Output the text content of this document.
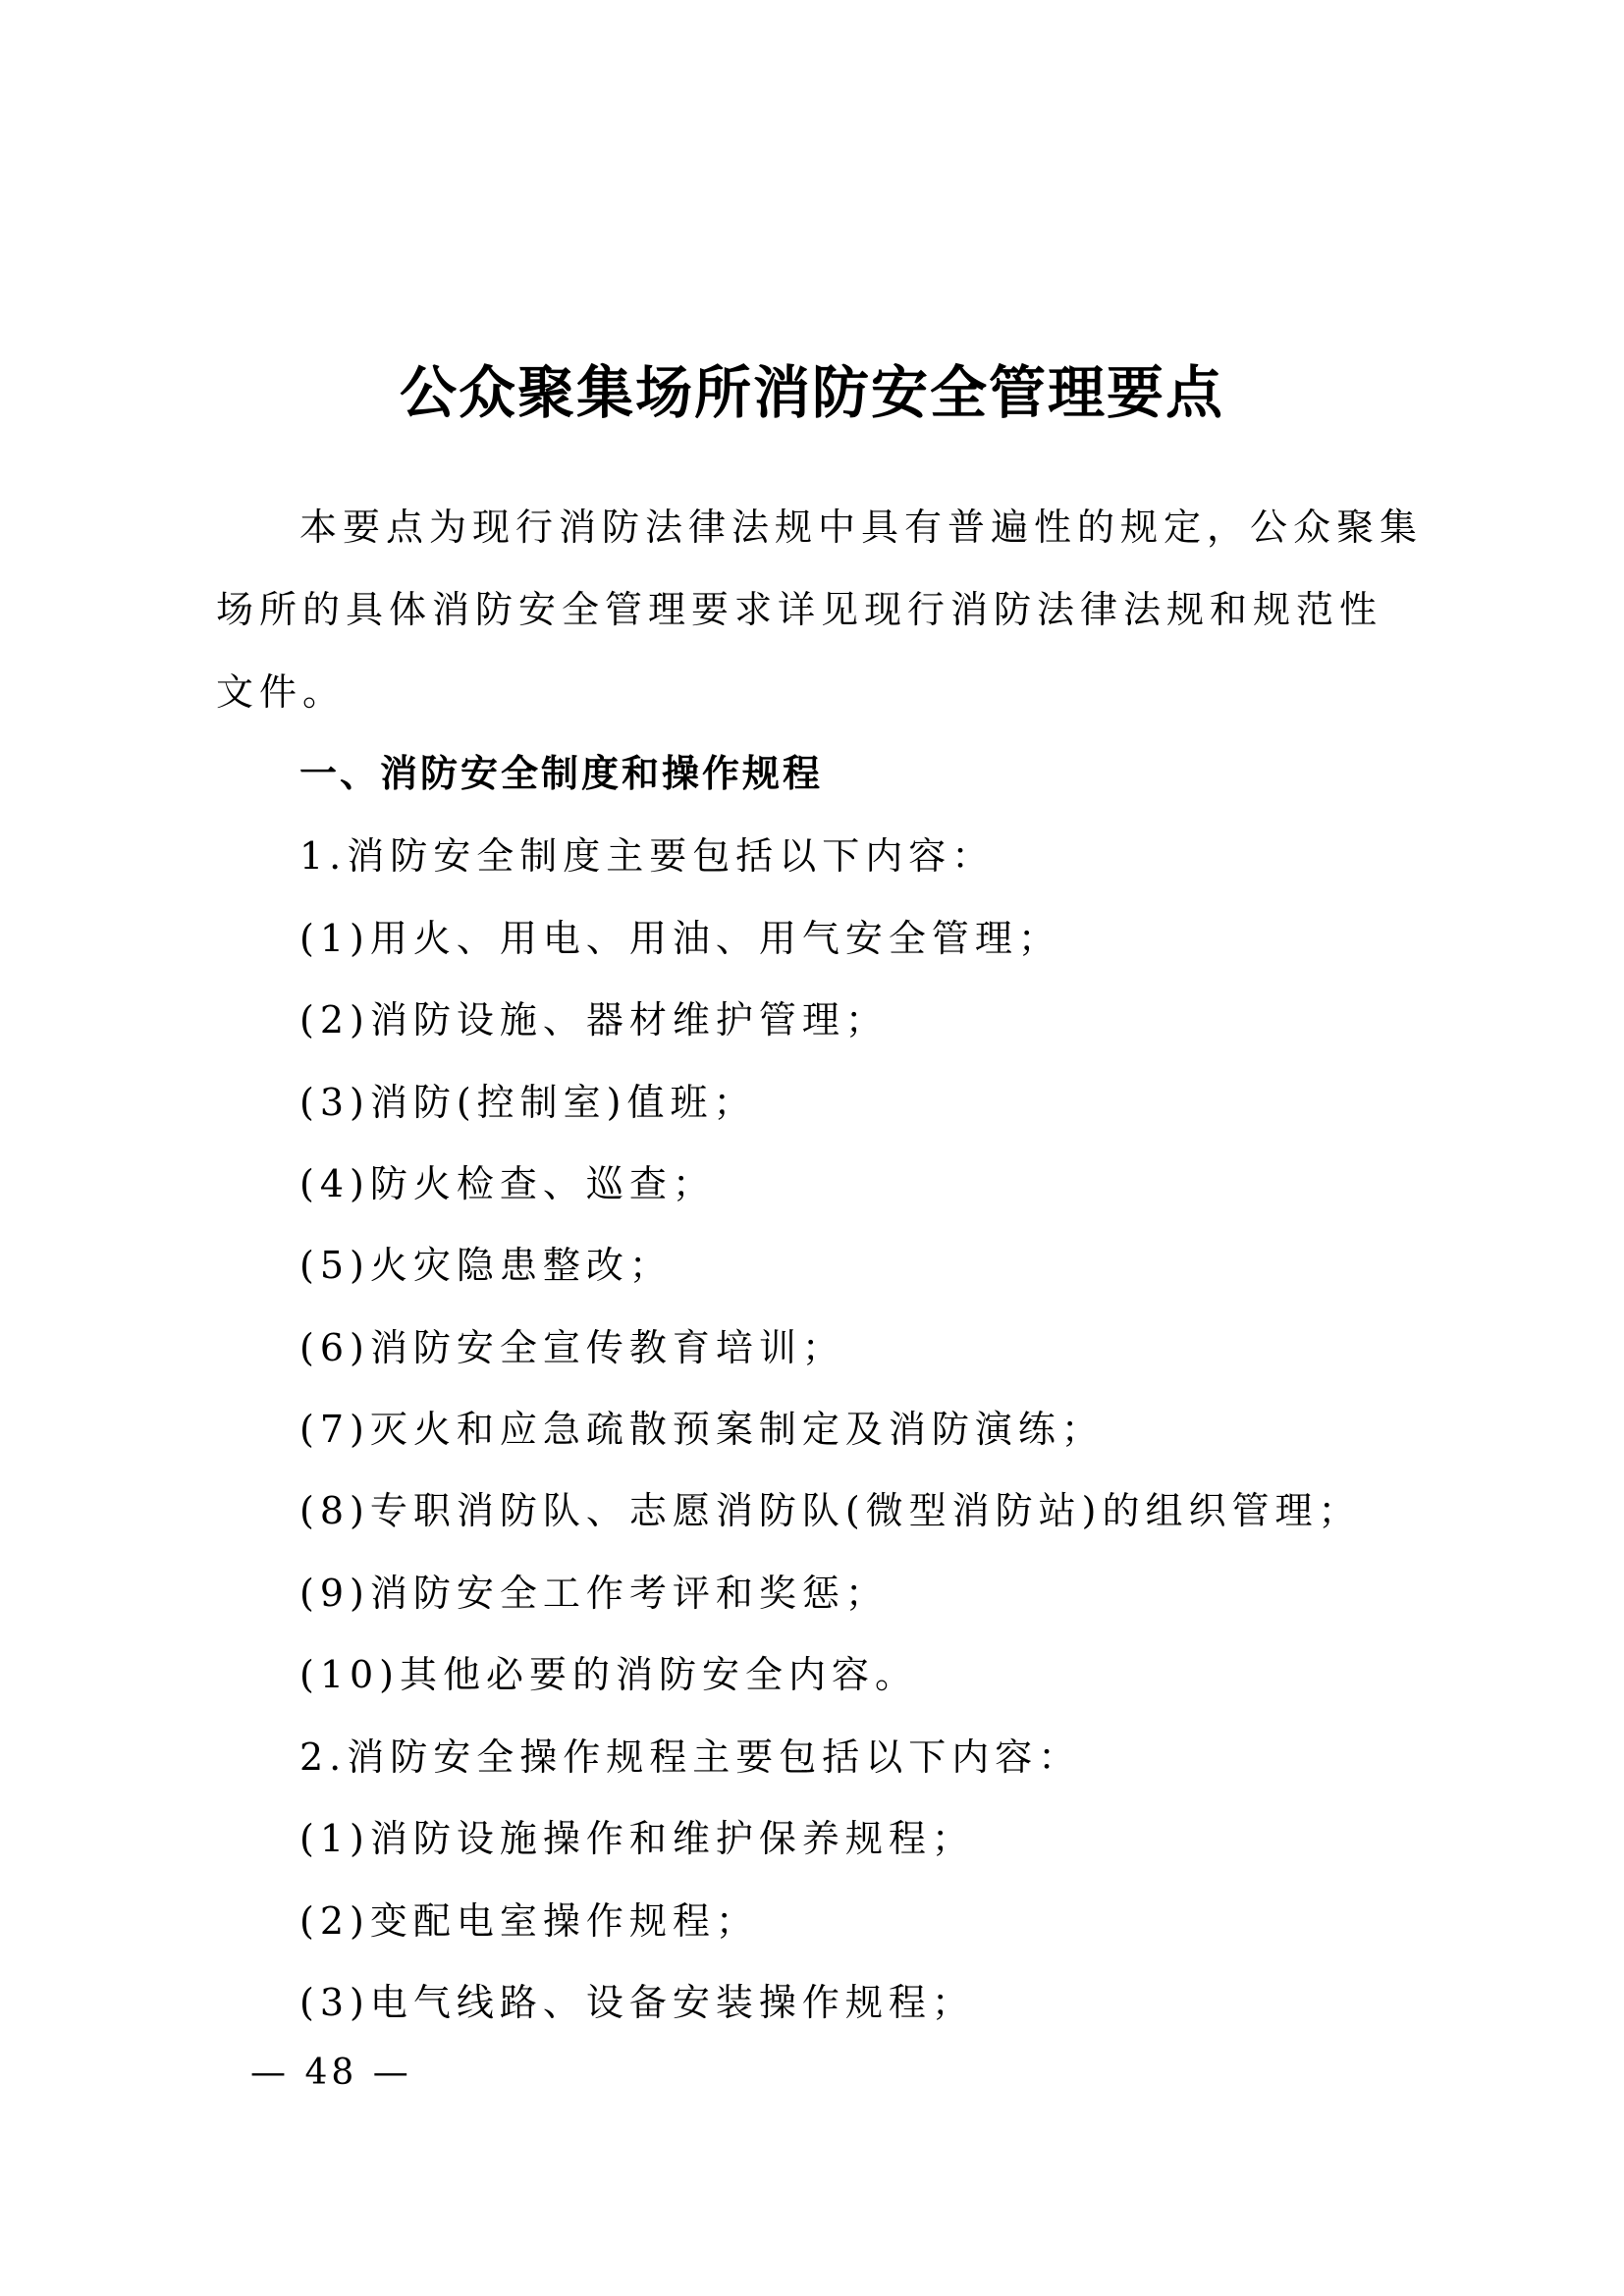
公众聚集场所消防安全管理要点
本要点为现行消防法律法规中具有普遍性的规定，公众聚集
场所的具体消防安全管理要求详见现行消防法律法规和规范性
文件。
一、消防安全制度和操作规程
1.消防安全制度主要包括以下内容：
(1)用火、用电、用油、用气安全管理；
(2)消防设施、器材维护管理；
(3)消防(控制室)值班；
(4)防火检查、巡查；
(5)火灾隐患整改；
(6)消防安全宣传教育培训；
(7)灭火和应急疏散预案制定及消防演练；
(8)专职消防队、志愿消防队(微型消防站)的组织管理；
(9)消防安全工作考评和奖惩；
(10)其他必要的消防安全内容。
2.消防安全操作规程主要包括以下内容：
(1)消防设施操作和维护保养规程；
(2)变配电室操作规程；
(3)电气线路、设备安装操作规程；
— 48 —
